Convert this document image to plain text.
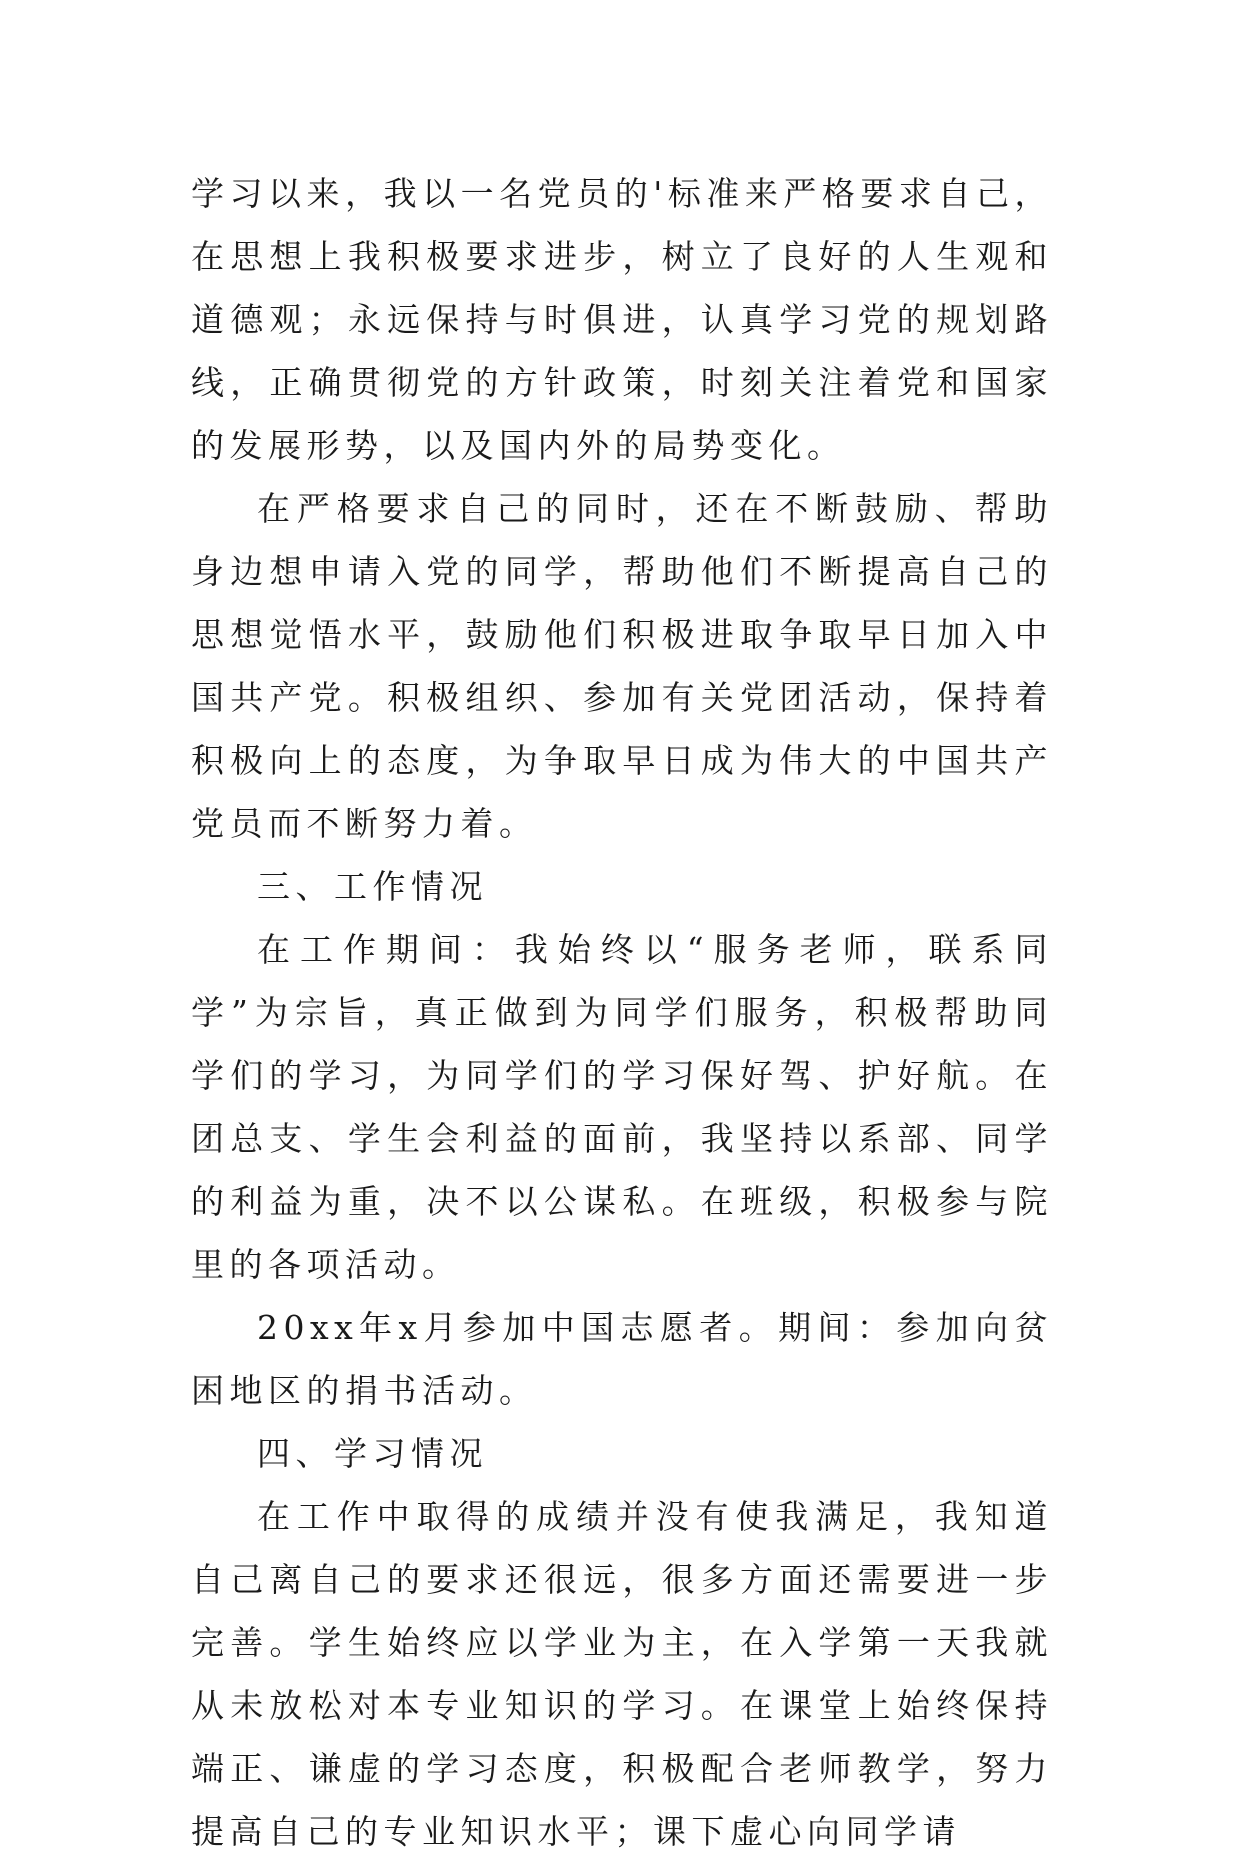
学习以来，我以一名党员的'标准来严格要求自己，在思想上我积极要求进步，树立了良好的人生观和道德观；永远保持与时俱进，认真学习党的规划路线，正确贯彻党的方针政策，时刻关注着党和国家的发展形势，以及国内外的局势变化。

在严格要求自己的同时，还在不断鼓励、帮助身边想申请入党的同学，帮助他们不断提高自己的思想觉悟水平，鼓励他们积极进取争取早日加入中国共产党。积极组织、参加有关党团活动，保持着积极向上的态度，为争取早日成为伟大的中国共产党员而不断努力着。

三、工作情况

在工作期间：我始终以“服务老师，联系同学”为宗旨，真正做到为同学们服务，积极帮助同学们的学习，为同学们的学习保好驾、护好航。在团总支、学生会利益的面前，我坚持以系部、同学的利益为重，决不以公谋私。在班级，积极参与院里的各项活动。

20xx年x月参加中国志愿者。期间：参加向贫困地区的捐书活动。

四、学习情况

在工作中取得的成绩并没有使我满足，我知道自己离自己的要求还很远，很多方面还需要进一步完善。学生始终应以学业为主，在入学第一天我就从未放松对本专业知识的学习。在课堂上始终保持端正、谦虚的学习态度，积极配合老师教学，努力提高自己的专业知识水平；课下虚心向同学请
